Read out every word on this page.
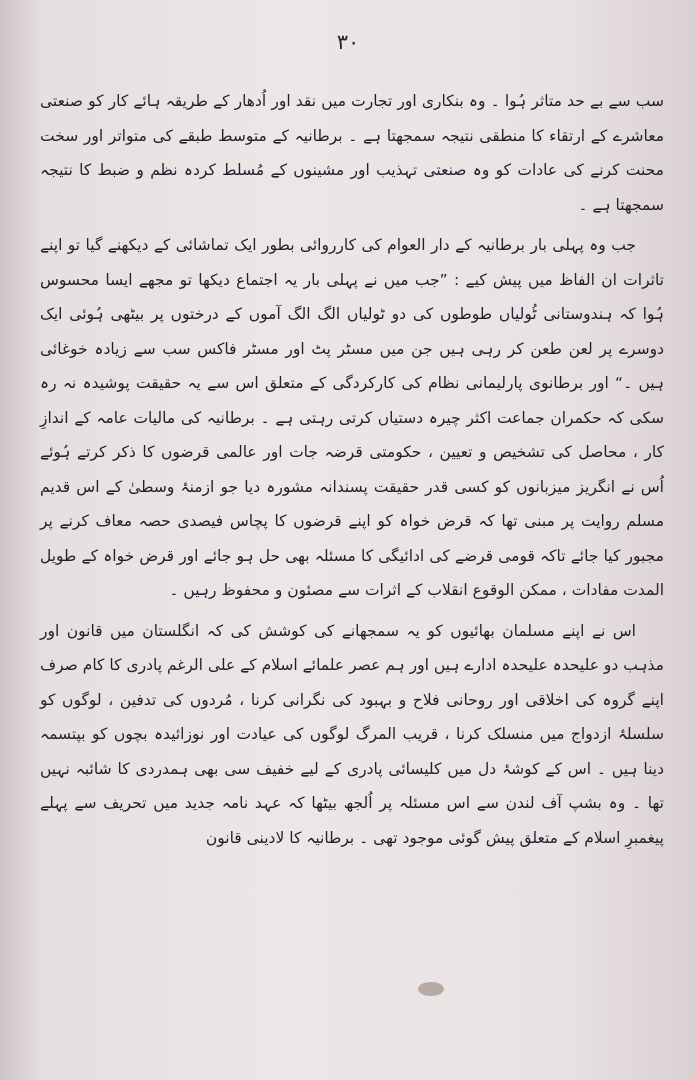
۳۰

سب سے بے حد متاثر ہُوا ۔ وہ بنکاری اور تجارت میں نقد اور اُدھار کے طریقہ ہائے کار کو صنعتی معاشرے کے ارتقاء کا منطقی نتیجہ سمجھتا ہے ۔ برطانیہ کے متوسط طبقے کی متواتر اور سخت محنت کرنے کی عادات کو وہ صنعتی تہذیب اور مشینوں کے مُسلط کردہ نظم و ضبط کا نتیجہ سمجھتا ہے ۔

جب وہ پہلی بار برطانیہ کے دار العوام کی کارروائی بطور ایک تماشائی کے دیکھنے گیا تو اپنے تاثرات ان الفاظ میں پیش کیے : ”جب میں نے پہلی بار یہ اجتماع دیکھا تو مجھے ایسا محسوس ہُوا کہ ہندوستانی ٹُولیاں طوطوں کی دو ٹولیاں الگ الگ آموں کے درختوں پر بیٹھی ہُوئی ایک دوسرے پر لعن طعن کر رہی ہیں جن میں مسٹر پٹ اور مسٹر فاکس سب سے زیادہ خوغائی ہیں ۔“ اور برطانوی پارلیمانی نظام کی کارکردگی کے متعلق اس سے یہ حقیقت پوشیدہ نہ رہ سکی کہ حکمران جماعت اکثر چیرہ دستیاں کرتی رہتی ہے ۔ برطانیہ کی مالیات عامہ کے اندازِ کار ، محاصل کی تشخیص و تعیین ، حکومتی قرضہ جات اور عالمی قرضوں کا ذکر کرتے ہُوئے اُس نے انگریز میزبانوں کو کسی قدر حقیقت پسندانہ مشورہ دیا جو ازمنۂ وسطیٰ کے اس قدیم مسلم روایت پر مبنی تھا کہ قرض خواہ کو اپنے قرضوں کا پچاس فیصدی حصہ معاف کرنے پر مجبور کیا جائے تاکہ قومی قرضے کی ادائیگی کا مسئلہ بھی حل ہو جائے اور قرض خواہ کے طویل المدت مفادات ، ممکن الوقوع انقلاب کے اثرات سے مصئون و محفوظ رہیں ۔

اس نے اپنے مسلمان بھائیوں کو یہ سمجھانے کی کوشش کی کہ انگلستان میں قانون اور مذہب دو علیحدہ علیحدہ ادارے ہیں اور ہم عصر علمائے اسلام کے علی الرغم پادری کا کام صرف اپنے گروہ کی اخلاقی اور روحانی فلاح و بہبود کی نگرانی کرنا ، مُردوں کی تدفین ، لوگوں کو سلسلۂ ازدواج میں منسلک کرنا ، قریب المرگ لوگوں کی عیادت اور نوزائیدہ بچوں کو بپتسمہ دینا ہیں ۔ اس کے کوشۂ دل میں کلیسائی پادری کے لیے خفیف سی بھی ہمدردی کا شائبہ نہیں تھا ۔ وہ بشپ آف لندن سے اس مسئلہ پر اُلجھ بیٹھا کہ عہد نامہ جدید میں تحریف سے پہلے پیغمبرِ اسلام کے متعلق پیش گوئی موجود تھی ۔ برطانیہ کا لادینی قانون
